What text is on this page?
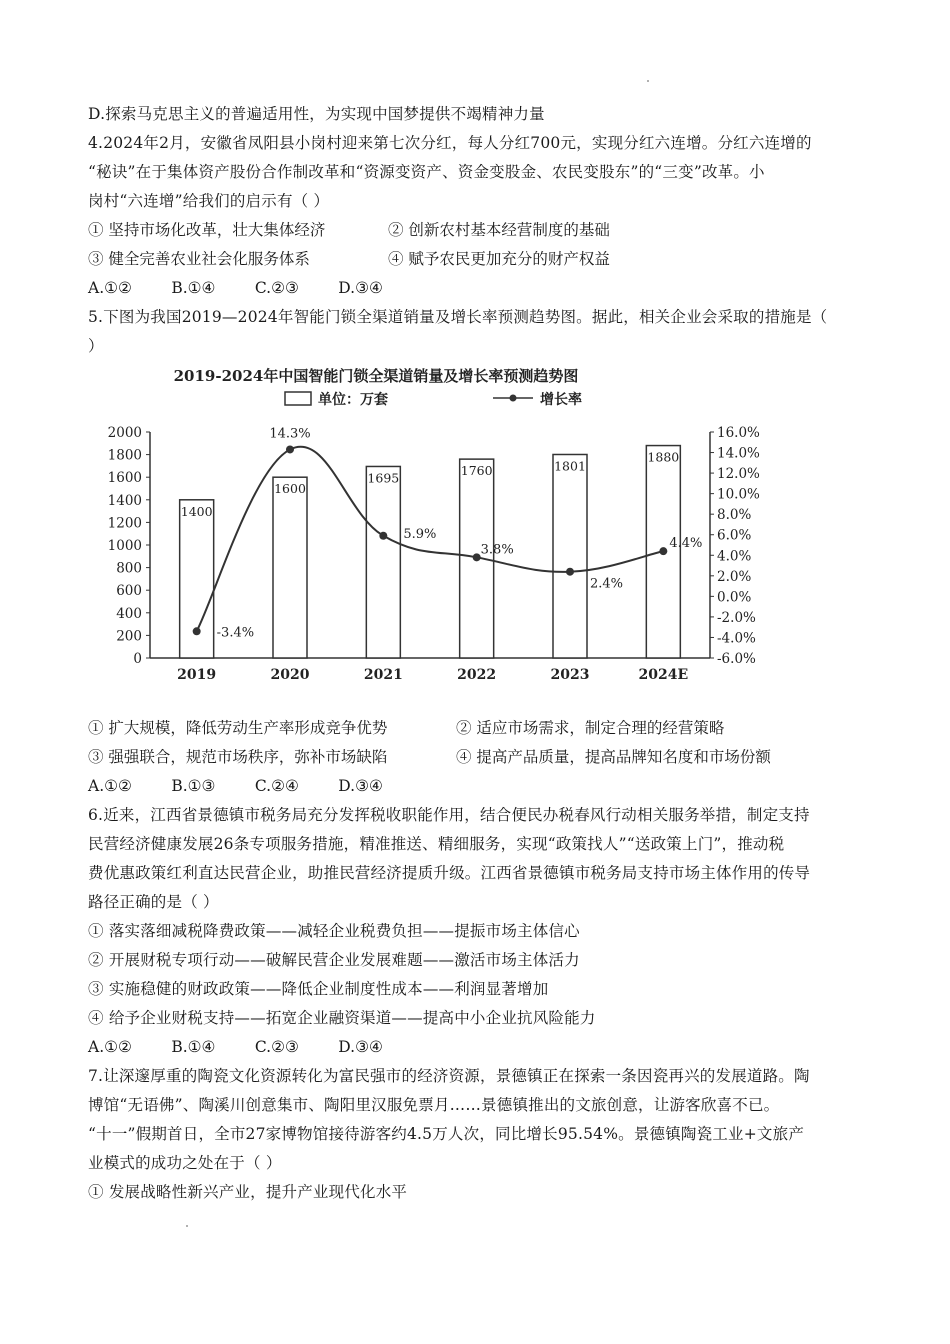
D.探索马克思主义的普遍适用性，为实现中国梦提供不竭精神力量
4.2024年2月，安徽省凤阳县小岗村迎来第七次分红，每人分红700元，实现分红六连增。分红六连增的
“秘诀”在于集体资产股份合作制改革和“资源变资产、资金变股金、农民变股东”的“三变”改革。小
岗村“六连增”给我们的启示有（ ）
① 坚持市场化改革，壮大集体经济	② 创新农村基本经营制度的基础
③ 健全完善农业社会化服务体系	④ 赋予农民更加充分的财产权益
A.①②        B.①④        C.②③        D.③④
5.下图为我国2019—2024年智能门锁全渠道销量及增长率预测趋势图。据此，相关企业会采取的措施是（
）
2019-2024年中国智能门锁全渠道销量及增长率预测趋势图
单位：万套	增长率
0
200
400
600
800
1000
1200
1400
1600
1800
2000
-6.0%
-4.0%
-2.0%
0.0%
2.0%
4.0%
6.0%
8.0%
10.0%
12.0%
14.0%
16.0%
1400
1600
1695	1760	1801
1880
2019	2020	2021	2022	2023	2024E
-3.4%
14.3%
5.9%
3.8%
2.4%
4.4%
① 扩大规模，降低劳动生产率形成竞争优势	② 适应市场需求，制定合理的经营策略
③ 强强联合，规范市场秩序，弥补市场缺陷	④ 提高产品质量，提高品牌知名度和市场份额
A.①②        B.①③        C.②④        D.③④
6.近来，江西省景德镇市税务局充分发挥税收职能作用，结合便民办税春风行动相关服务举措，制定支持
民营经济健康发展26条专项服务措施，精准推送、精细服务，实现“政策找人”“送政策上门”，推动税
费优惠政策红利直达民营企业，助推民营经济提质升级。江西省景德镇市税务局支持市场主体作用的传导
路径正确的是（ ）
① 落实落细减税降费政策——减轻企业税费负担——提振市场主体信心
② 开展财税专项行动——破解民营企业发展难题——激活市场主体活力
③ 实施稳健的财政政策——降低企业制度性成本——利润显著增加
④ 给予企业财税支持——拓宽企业融资渠道——提高中小企业抗风险能力
A.①②        B.①④        C.②③        D.③④
7.让深邃厚重的陶瓷文化资源转化为富民强市的经济资源，景德镇正在探索一条因瓷再兴的发展道路。陶
博馆“无语佛”、陶溪川创意集市、陶阳里汉服免票月……景德镇推出的文旅创意，让游客欣喜不已。
“十一”假期首日，全市27家博物馆接待游客约4.5万人次，同比增长95.54%。景德镇陶瓷工业+文旅产
业模式的成功之处在于（ ）
① 发展战略性新兴产业，提升产业现代化水平
